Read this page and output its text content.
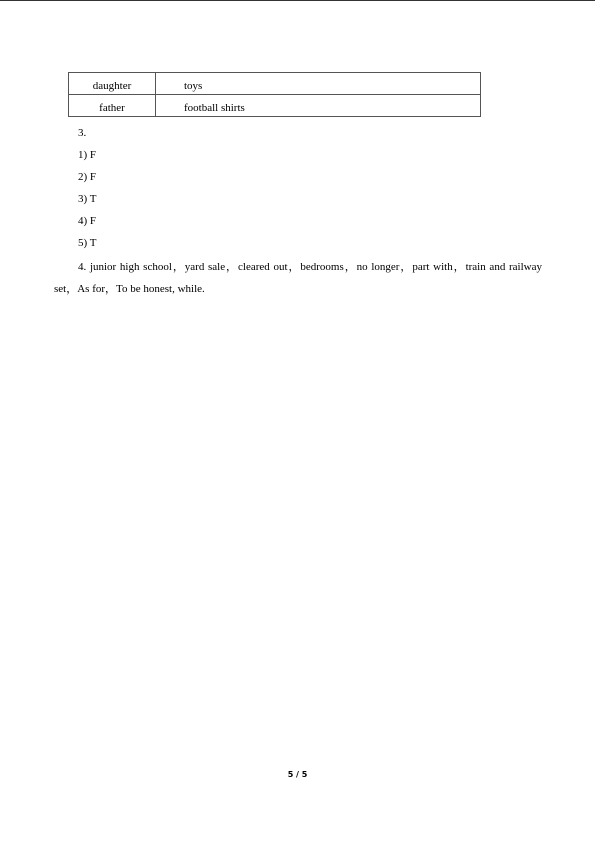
daughter	toys
father	football shirts
3.
1) F
2) F
3) T
4) F
5) T
4. junior high school，yard sale，cleared out，bedrooms，no longer，part with，train and railway set，As for，To be honest, while.
5 / 5
